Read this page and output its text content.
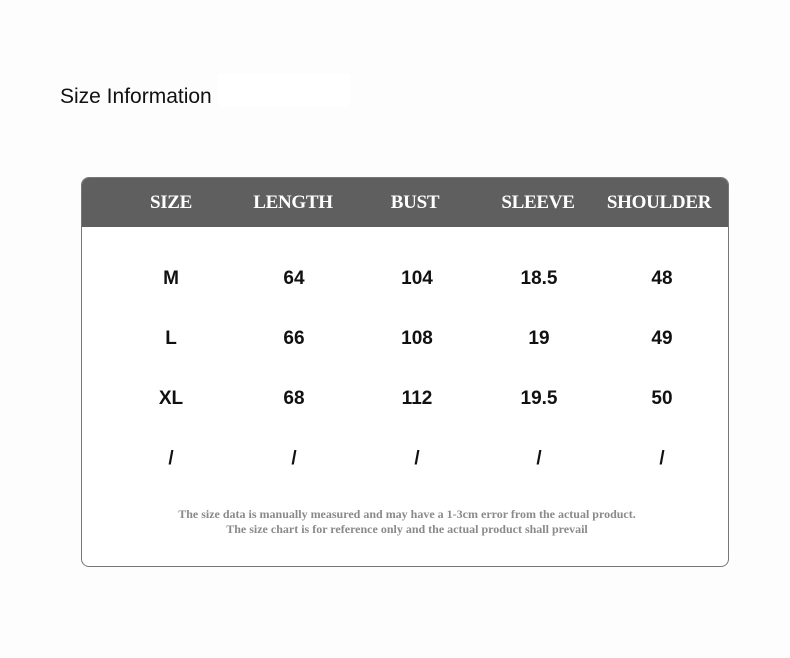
Size Information
SIZE	LENGTH	BUST	SLEEVE	SHOULDER
M	64	104	18.5	48
L	66	108	19	49
XL	68	112	19.5	50
/	/	/	/	/
The size data is manually measured and may have a 1-3cm error from the actual product.
The size chart is for reference only and the actual product shall prevail
